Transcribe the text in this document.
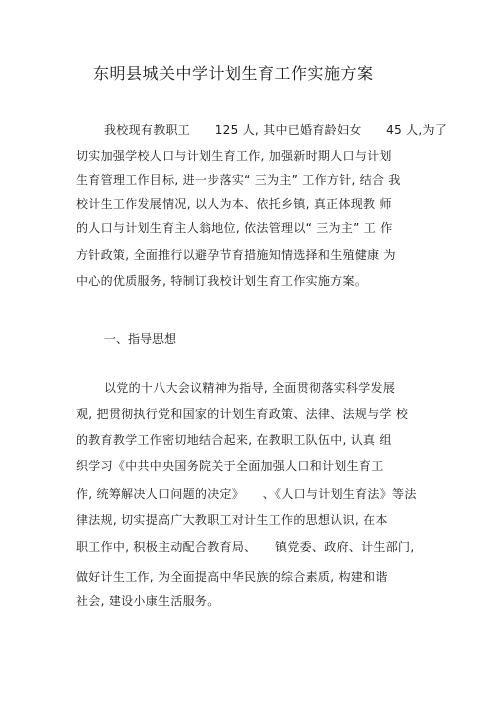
东明县城关中学计划生育工作实施方案
我校现有教职工　　125 人, 其中已婚育龄妇女　　45 人,为了
切实加强学校人口与计划生育工作, 加强新时期人口与计划
生育管理工作目标, 进一步落实“ 三为主” 工作方针, 结合 我
校计生工作发展情况, 以人为本、依托乡镇, 真正体现教 师
的人口与计划生育主人翁地位, 依法管理以“ 三为主” 工 作
方针政策, 全面推行以避孕节育措施知情选择和生殖健康 为
中心的优质服务, 特制订我校计划生育工作实施方案。
一、指导思想
以党的十八大会议精神为指导, 全面贯彻落实科学发展
观, 把贯彻执行党和国家的计划生育政策、法律、法规与学 校
的教育教学工作密切地结合起来, 在教职工队伍中, 认真 组
织学习《中共中央国务院关于全面加强人口和计划生育工
作, 统筹解决人口问题的决定》　　、《人口与计划生育法》等法
律法规, 切实提高广大教职工对计生工作的思想认识, 在本
职工作中, 积极主动配合教育局、　　镇党委、政府、计生部门,
做好计生工作, 为全面提高中华民族的综合素质, 构建和谐
社会, 建设小康生活服务。
